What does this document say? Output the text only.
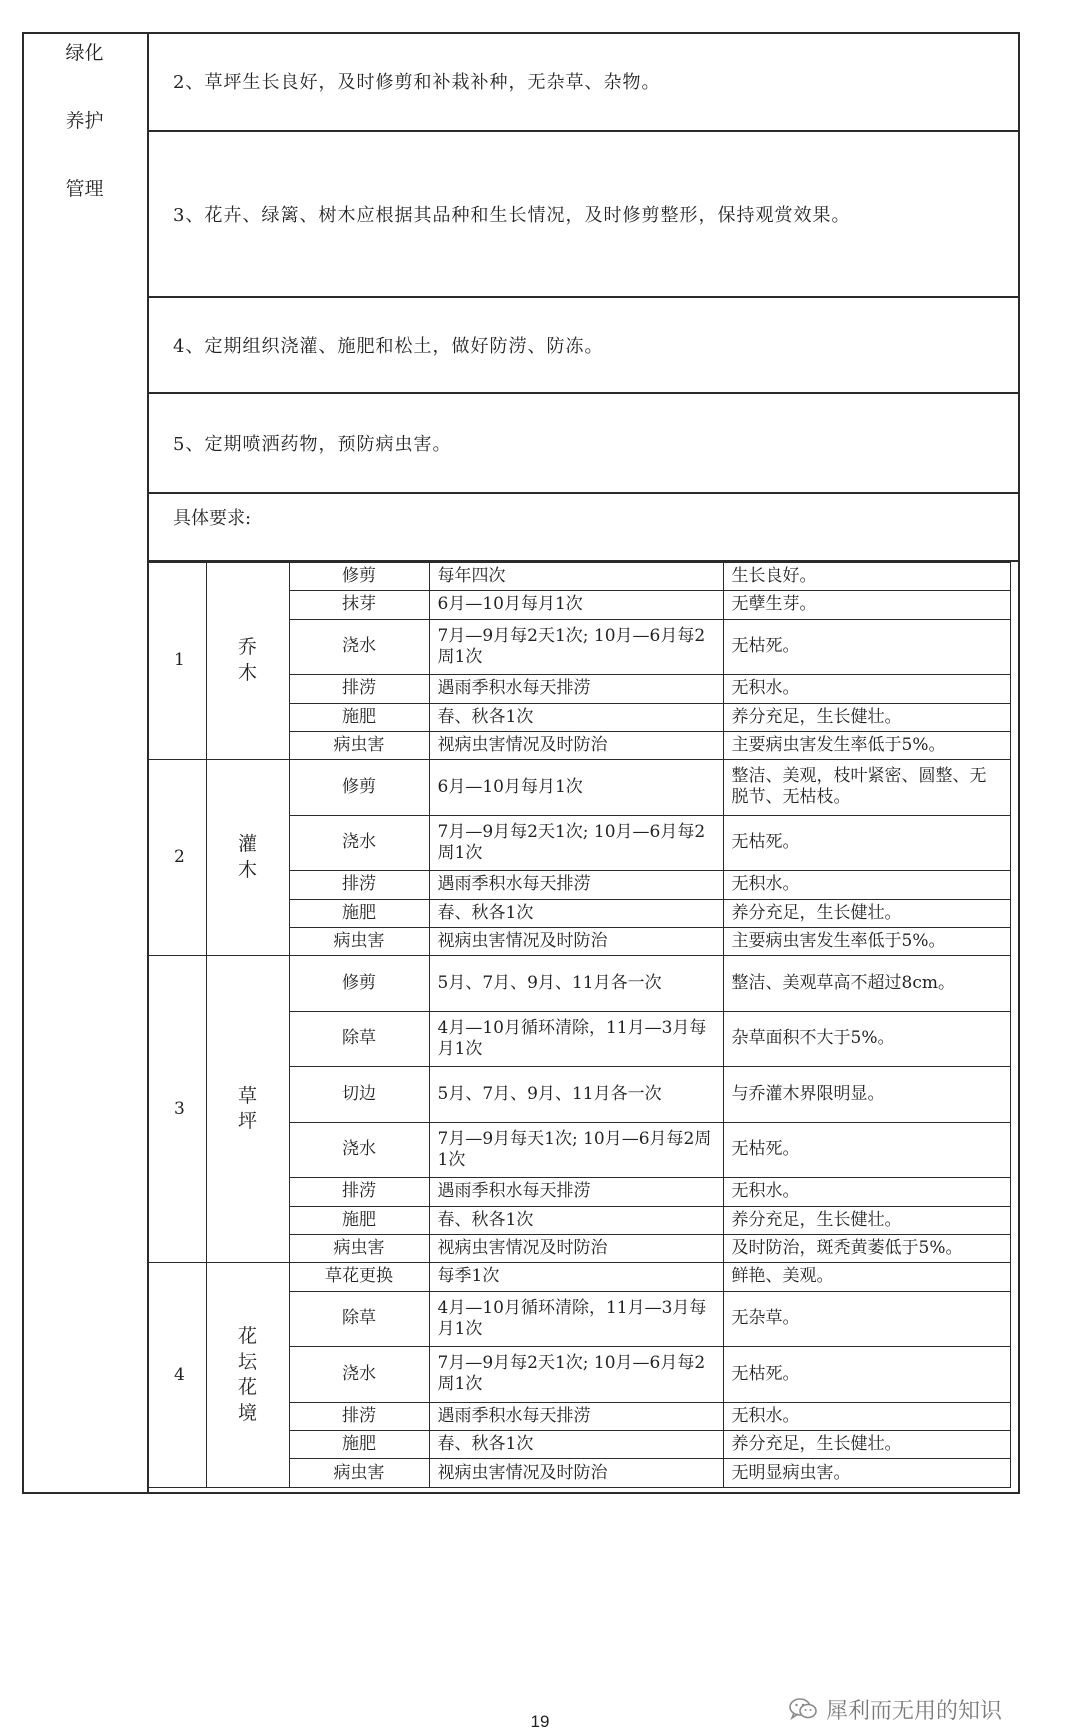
绿化
养护
管理
2、草坪生长良好，及时修剪和补栽补种，无杂草、杂物。
3、花卉、绿篱、树木应根据其品种和生长情况，及时修剪整形，保持观赏效果。
4、定期组织浇灌、施肥和松土，做好防涝、防冻。
5、定期喷洒药物，预防病虫害。
具体要求:
1	乔木	修剪	每年四次	生长良好。
		抹芽	6月—10月每月1次	无孽生芽。
		浇水	7月—9月每2天1次; 10月—6月每2周1次	无枯死。
		排涝	遇雨季积水每天排涝	无积水。
		施肥	春、秋各1次	养分充足，生长健壮。
		病虫害	视病虫害情况及时防治	主要病虫害发生率低于5%。
2	灌木	修剪	6月—10月每月1次	整洁、美观，枝叶紧密、圆整、无脱节、无枯枝。
		浇水	7月—9月每2天1次; 10月—6月每2周1次	无枯死。
		排涝	遇雨季积水每天排涝	无积水。
		施肥	春、秋各1次	养分充足，生长健壮。
		病虫害	视病虫害情况及时防治	主要病虫害发生率低于5%。
3	草坪	修剪	5月、7月、9月、11月各一次	整洁、美观草高不超过8cm。
		除草	4月—10月循环清除，11月—3月每月1次	杂草面积不大于5%。
		切边	5月、7月、9月、11月各一次	与乔灌木界限明显。
		浇水	7月—9月每天1次; 10月—6月每2周1次	无枯死。
		排涝	遇雨季积水每天排涝	无积水。
		施肥	春、秋各1次	养分充足，生长健壮。
		病虫害	视病虫害情况及时防治	及时防治，斑秃黄萎低于5%。
4	花坛花境	草花更换	每季1次	鲜艳、美观。
		除草	4月—10月循环清除，11月—3月每月1次	无杂草。
		浇水	7月—9月每2天1次; 10月—6月每2周1次	无枯死。
		排涝	遇雨季积水每天排涝	无积水。
		施肥	春、秋各1次	养分充足，生长健壮。
		病虫害	视病虫害情况及时防治	无明显病虫害。
19	犀利而无用的知识
